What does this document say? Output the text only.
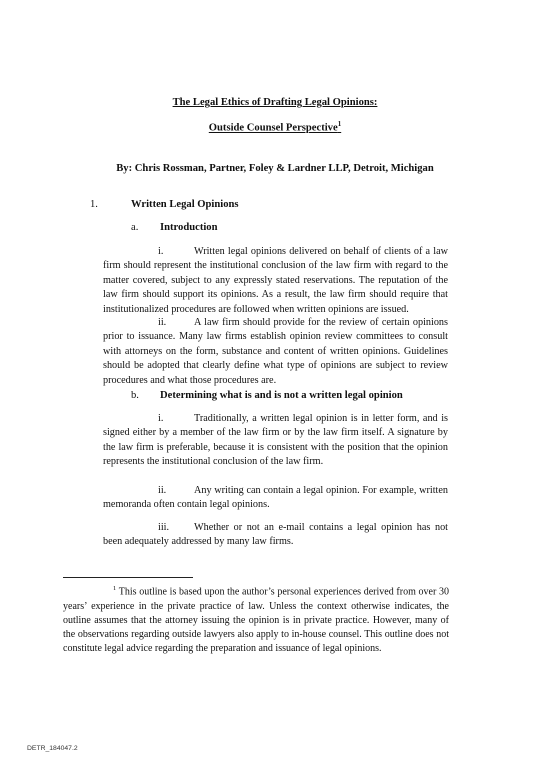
The Legal Ethics of Drafting Legal Opinions:
Outside Counsel Perspective$^1$
By: Chris Rossman, Partner, Foley & Lardner LLP, Detroit, Michigan
1.	Written Legal Opinions
a. Introduction
i.	Written legal opinions delivered on behalf of clients of a law firm should represent the institutional conclusion of the law firm with regard to the matter covered, subject to any expressly stated reservations. The reputation of the law firm should support its opinions. As a result, the law firm should require that institutionalized procedures are followed when written opinions are issued.
ii.	A law firm should provide for the review of certain opinions prior to issuance. Many law firms establish opinion review committees to consult with attorneys on the form, substance and content of written opinions. Guidelines should be adopted that clearly define what type of opinions are subject to review procedures and what those procedures are.
b. Determining what is and is not a written legal opinion
i.	Traditionally, a written legal opinion is in letter form, and is signed either by a member of the law firm or by the law firm itself. A signature by the law firm is preferable, because it is consistent with the position that the opinion represents the institutional conclusion of the law firm.
ii.	Any writing can contain a legal opinion. For example, written memoranda often contain legal opinions.
iii. Whether or not an e-mail contains a legal opinion has not been adequately addressed by many law firms.
$^1$ This outline is based upon the author’s personal experiences derived from over 30 years’ experience in the private practice of law. Unless the context otherwise indicates, the outline assumes that the attorney issuing the opinion is in private practice. However, many of the observations regarding outside lawyers also apply to in-house counsel. This outline does not constitute legal advice regarding the preparation and issuance of legal opinions.
DETR_184047.2
